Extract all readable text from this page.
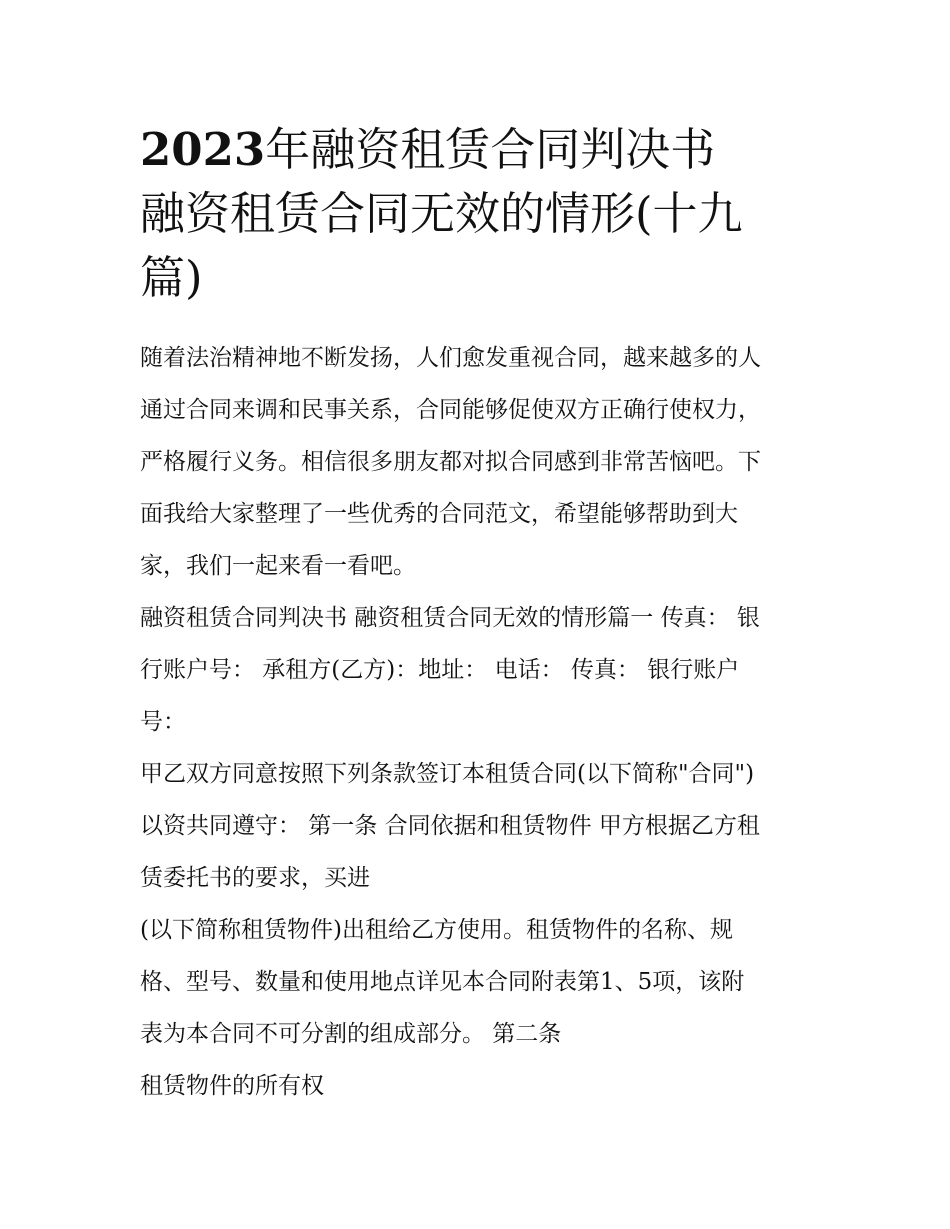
2023年融资租赁合同判决书
融资租赁合同无效的情形(十九
篇)

随着法治精神地不断发扬，人们愈发重视合同，越来越多的人
通过合同来调和民事关系，合同能够促使双方正确行使权力，
严格履行义务。相信很多朋友都对拟合同感到非常苦恼吧。下
面我给大家整理了一些优秀的合同范文，希望能够帮助到大
家，我们一起来看一看吧。

融资租赁合同判决书 融资租赁合同无效的情形篇一 传真： 银
行账户号： 承租方(乙方)：地址： 电话： 传真： 银行账户
号：

甲乙双方同意按照下列条款签订本租赁合同(以下简称"合同")
以资共同遵守： 第一条 合同依据和租赁物件 甲方根据乙方租
赁委托书的要求，买进

(以下简称租赁物件)出租给乙方使用。租赁物件的名称、规
格、型号、数量和使用地点详见本合同附表第1、5项，该附
表为本合同不可分割的组成部分。 第二条

租赁物件的所有权
